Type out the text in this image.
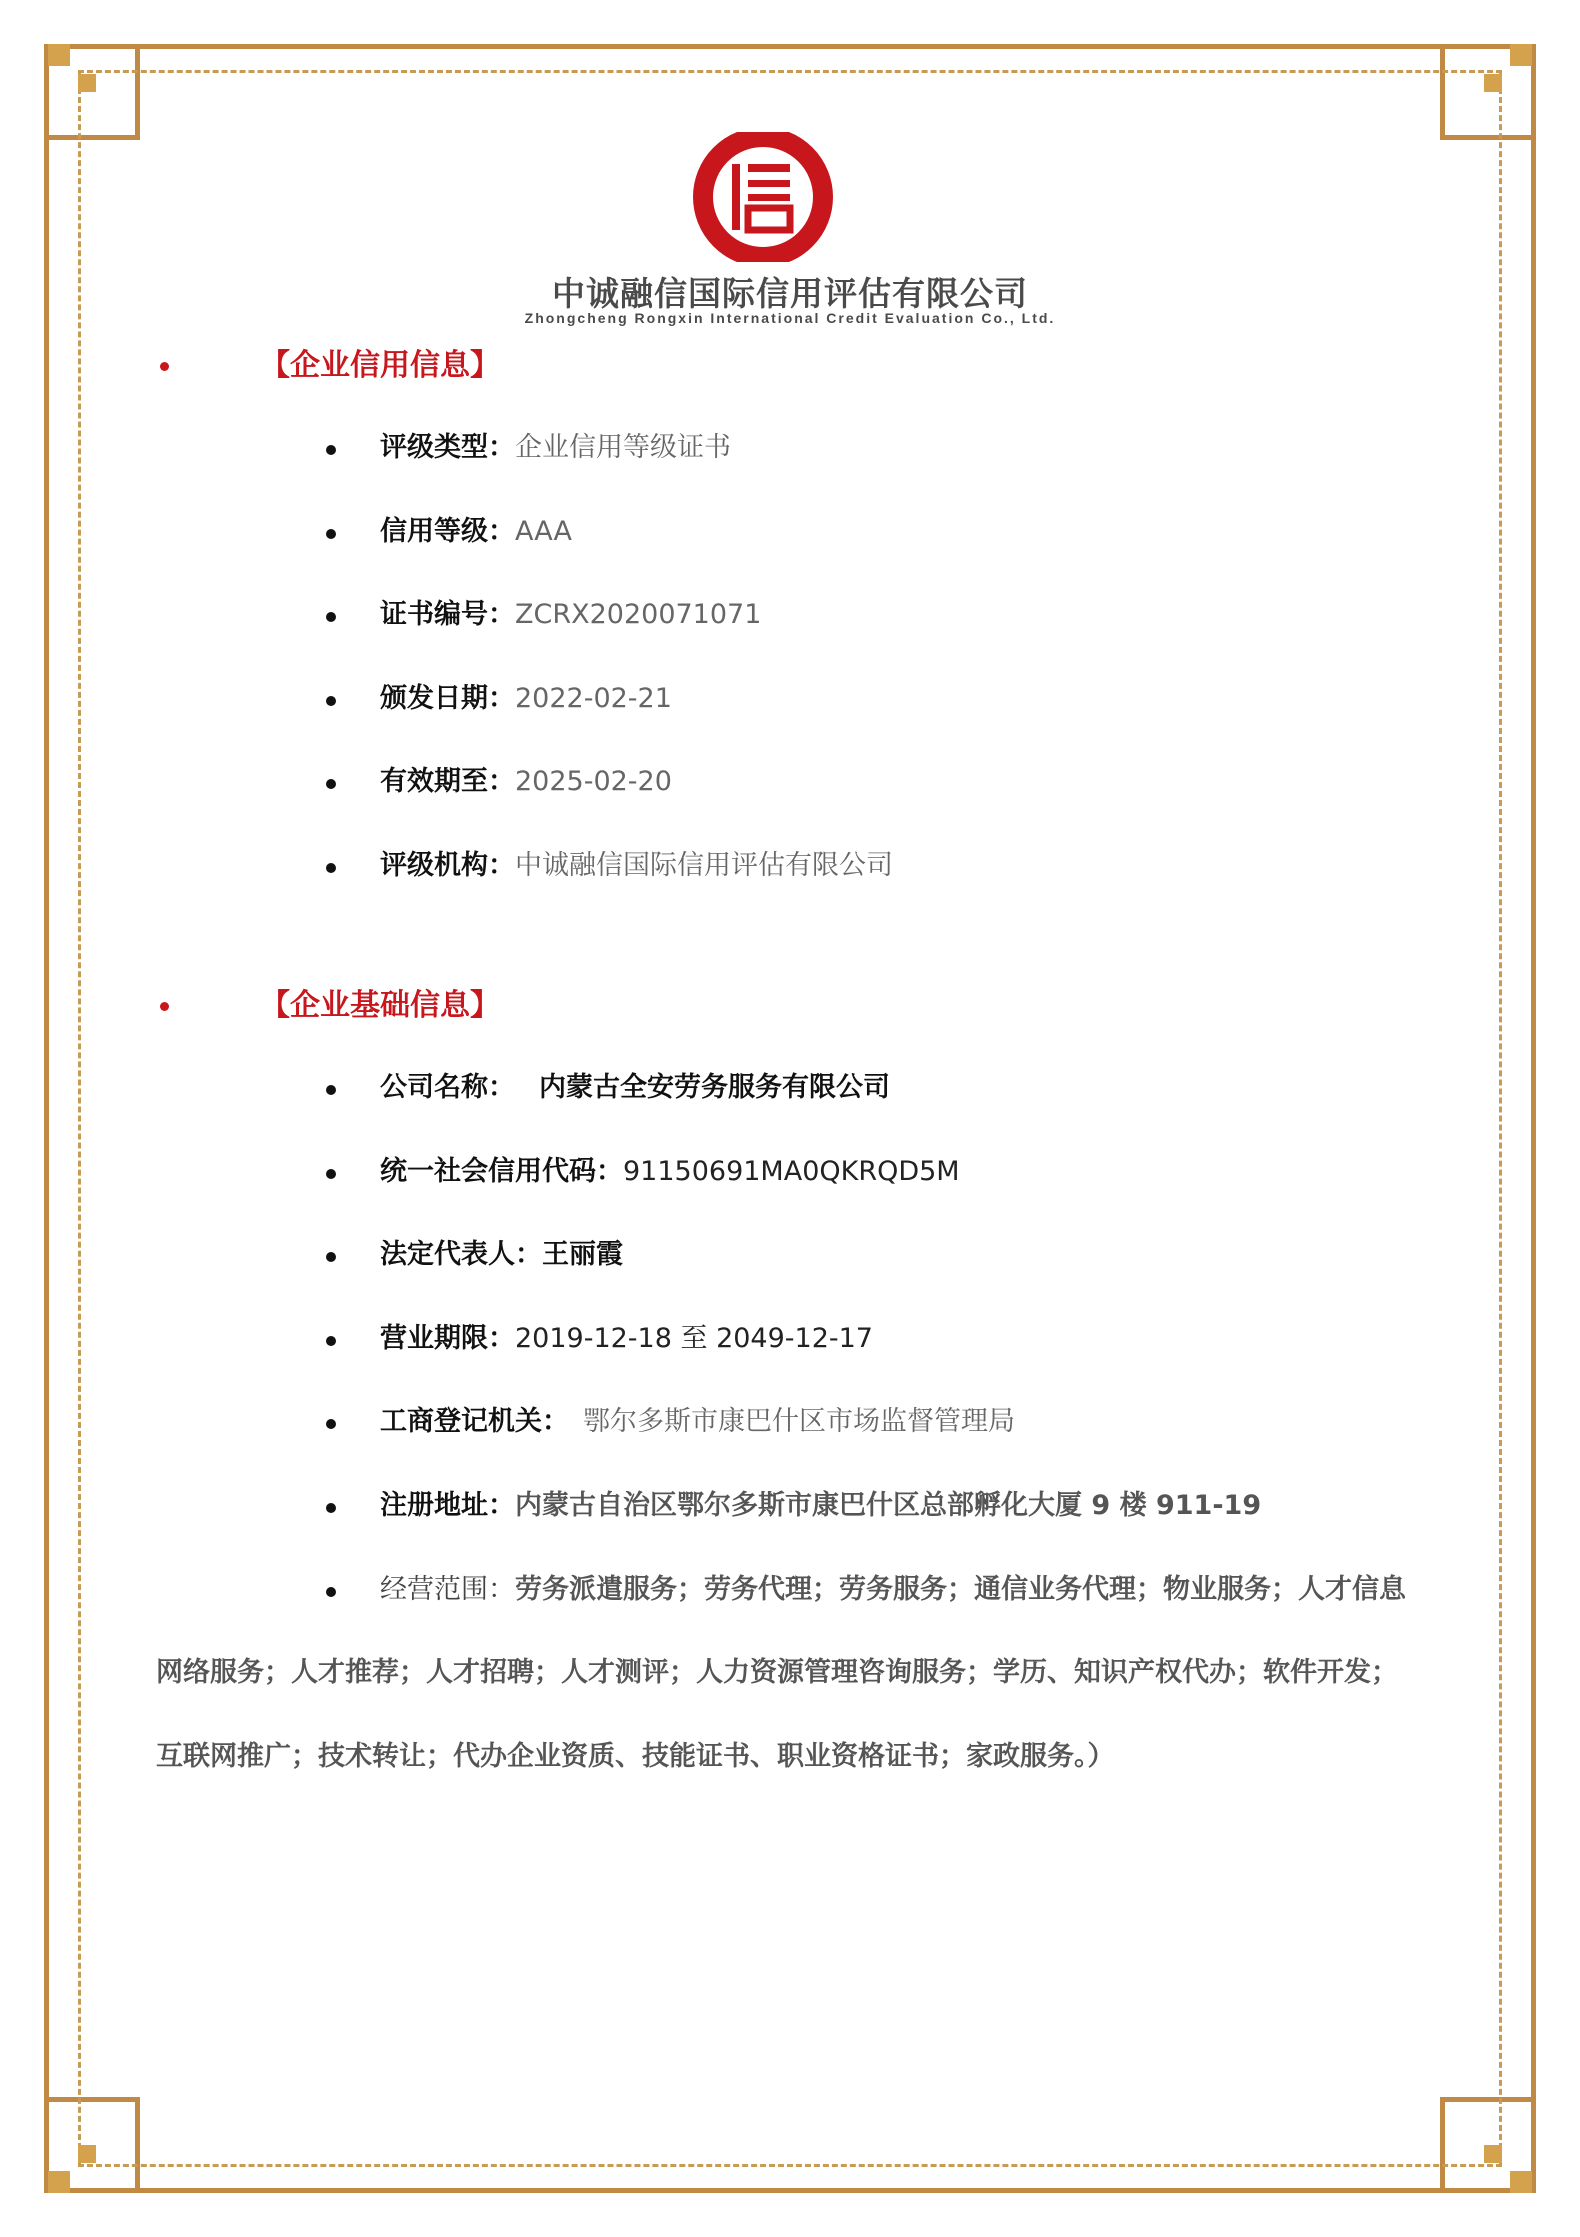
中诚融信国际信用评估有限公司
Zhongcheng Rongxin International Credit Evaluation Co., Ltd.
【企业信用信息】
评级类型：企业信用等级证书
信用等级：AAA
证书编号：ZCRX2020071071
颁发日期：2022-02-21
有效期至：2025-02-20
评级机构：中诚融信国际信用评估有限公司
【企业基础信息】
公司名称： 内蒙古全安劳务服务有限公司
统一社会信用代码：91150691MA0QKRQD5M
法定代表人：王丽霞
营业期限：2019-12-18 至 2049-12-17
工商登记机关： 鄂尔多斯市康巴什区市场监督管理局
注册地址：内蒙古自治区鄂尔多斯市康巴什区总部孵化大厦 9 楼 911-19
经营范围：劳务派遣服务；劳务代理；劳务服务；通信业务代理；物业服务；人才信息
网络服务；人才推荐；人才招聘；人才测评；人力资源管理咨询服务；学历、知识产权代办；软件开发；
互联网推广；技术转让；代办企业资质、技能证书、职业资格证书；家政服务。）
